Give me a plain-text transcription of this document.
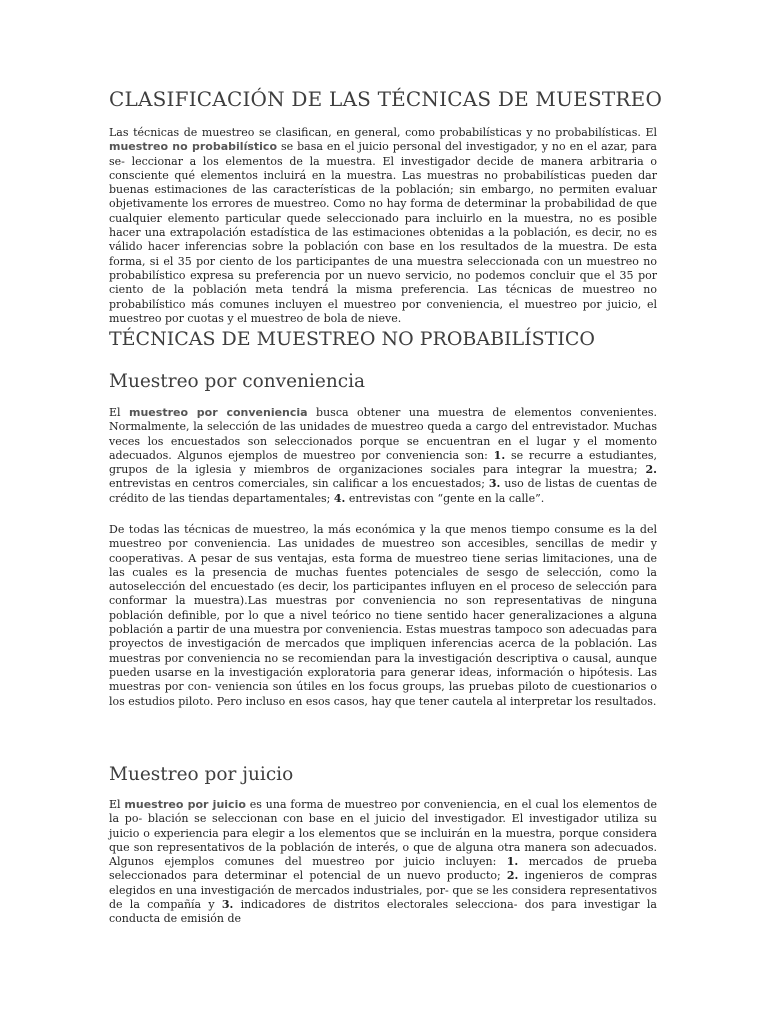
CLASIFICACIÓN DE LAS TÉCNICAS DE MUESTREO

Las técnicas de muestreo se clasifican, en general, como probabilísticas y no probabilísticas. El muestreo no probabilístico se basa en el juicio personal del investigador, y no en el azar, para se- leccionar a los elementos de la muestra. El investigador decide de manera arbitraria o consciente qué elementos incluirá en la muestra. Las muestras no probabilísticas pueden dar buenas estimaciones de las características de la población; sin embargo, no permiten evaluar objetivamente los errores de muestreo. Como no hay forma de determinar la probabilidad de que cualquier elemento particular quede seleccionado para incluirlo en la muestra, no es posible hacer una extrapolación estadística de las estimaciones obtenidas a la población, es decir, no es válido hacer inferencias sobre la población con base en los resultados de la muestra. De esta forma, si el 35 por ciento de los participantes de una muestra seleccionada con un muestreo no probabilístico expresa su preferencia por un nuevo servicio, no podemos concluir que el 35 por ciento de la población meta tendrá la misma preferencia. Las técnicas de muestreo no probabilístico más comunes incluyen el muestreo por conveniencia, el muestreo por juicio, el muestreo por cuotas y el muestreo de bola de nieve.

TÉCNICAS DE MUESTREO NO PROBABILÍSTICO
Muestreo por conveniencia

El muestreo por conveniencia busca obtener una muestra de elementos convenientes. Normalmente, la selección de las unidades de muestreo queda a cargo del entrevistador. Muchas veces los encuestados son seleccionados porque se encuentran en el lugar y el momento adecuados. Algunos ejemplos de muestreo por conveniencia son: 1. se recurre a estudiantes, grupos de la iglesia y miembros de organizaciones sociales para integrar la muestra; 2. entrevistas en centros comerciales, sin calificar a los encuestados; 3. uso de listas de cuentas de crédito de las tiendas departamentales; 4. entrevistas con “gente en la calle”.

De todas las técnicas de muestreo, la más económica y la que menos tiempo consume es la del muestreo por conveniencia. Las unidades de muestreo son accesibles, sencillas de medir y cooperativas. A pesar de sus ventajas, esta forma de muestreo tiene serias limitaciones, una de las cuales es la presencia de muchas fuentes potenciales de sesgo de selección, como la autoselección del encuestado (es decir, los participantes influyen en el proceso de selección para conformar la muestra).Las muestras por conveniencia no son representativas de ninguna población definible, por lo que a nivel teórico no tiene sentido hacer generalizaciones a alguna población a partir de una muestra por conveniencia. Estas muestras tampoco son adecuadas para proyectos de investigación de mercados que impliquen inferencias acerca de la población. Las muestras por conveniencia no se recomiendan para la investigación descriptiva o causal, aunque pueden usarse en la investigación exploratoria para generar ideas, información o hipótesis. Las muestras por con- veniencia son útiles en los focus groups, las pruebas piloto de cuestionarios o los estudios piloto. Pero incluso en esos casos, hay que tener cautela al interpretar los resultados.

Muestreo por juicio

El muestreo por juicio es una forma de muestreo por conveniencia, en el cual los elementos de la po- blación se seleccionan con base en el juicio del investigador. El investigador utiliza su juicio o experiencia para elegir a los elementos que se incluirán en la muestra, porque considera que son representativos de la población de interés, o que de alguna otra manera son adecuados. Algunos ejemplos comunes del muestreo por juicio incluyen: 1. mercados de prueba seleccionados para determinar el potencial de un nuevo producto; 2. ingenieros de compras elegidos en una investigación de mercados industriales, por- que se les considera representativos de la compañía y 3. indicadores de distritos electorales selecciona- dos para investigar la conducta de emisión de
